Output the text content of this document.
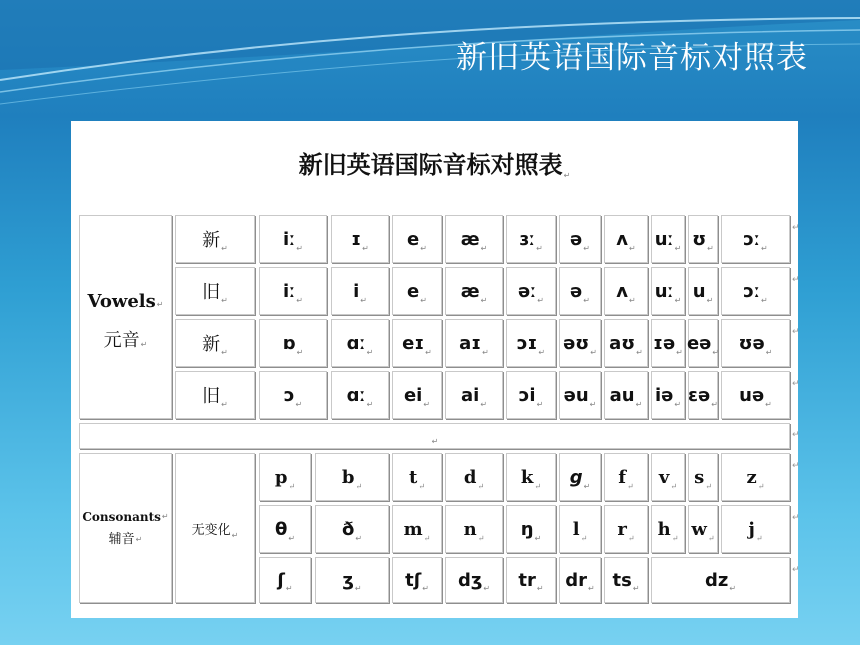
新旧英语国际音标对照表
新旧英语国际音标对照表↵
Vowels ↵
元音 ↵
新 ↵
旧 ↵
新 ↵
旧 ↵
iː ↵	ɪ ↵ e ↵ æ ↵ ɜː ↵ ə ↵ ʌ ↵ uː ↵ ʊ ↵ ɔː ↵
iː ↵	i ↵ e ↵ æ ↵ əː ↵ ə ↵ ʌ ↵ uː ↵ u ↵ ɔː ↵
ɒ ↵ ɑː ↵ eɪ ↵ aɪ ↵ ɔɪ ↵ əʊ ↵ aʊ ↵ ɪə ↵ eə ↵ ʊə ↵
ɔ ↵ ɑː ↵ ei ↵ ai ↵ ɔi ↵ əu ↵ au ↵ iə ↵ ɛə ↵ uə ↵
↵
Consonants ↵
辅音 ↵
无变化 ↵
p ↵	b ↵	t ↵ d ↵ k ↵ g ↵ f ↵ v ↵ s ↵ z ↵
θ ↵	ð ↵ m ↵ n ↵ ŋ ↵ l ↵ r ↵ h ↵ w ↵ j ↵
ʃ ↵	ʒ ↵ tʃ ↵ dʒ ↵ tr ↵ dr ↵ ts ↵	dz ↵
↵
↵
↵
↵
↵
↵
↵
↵
